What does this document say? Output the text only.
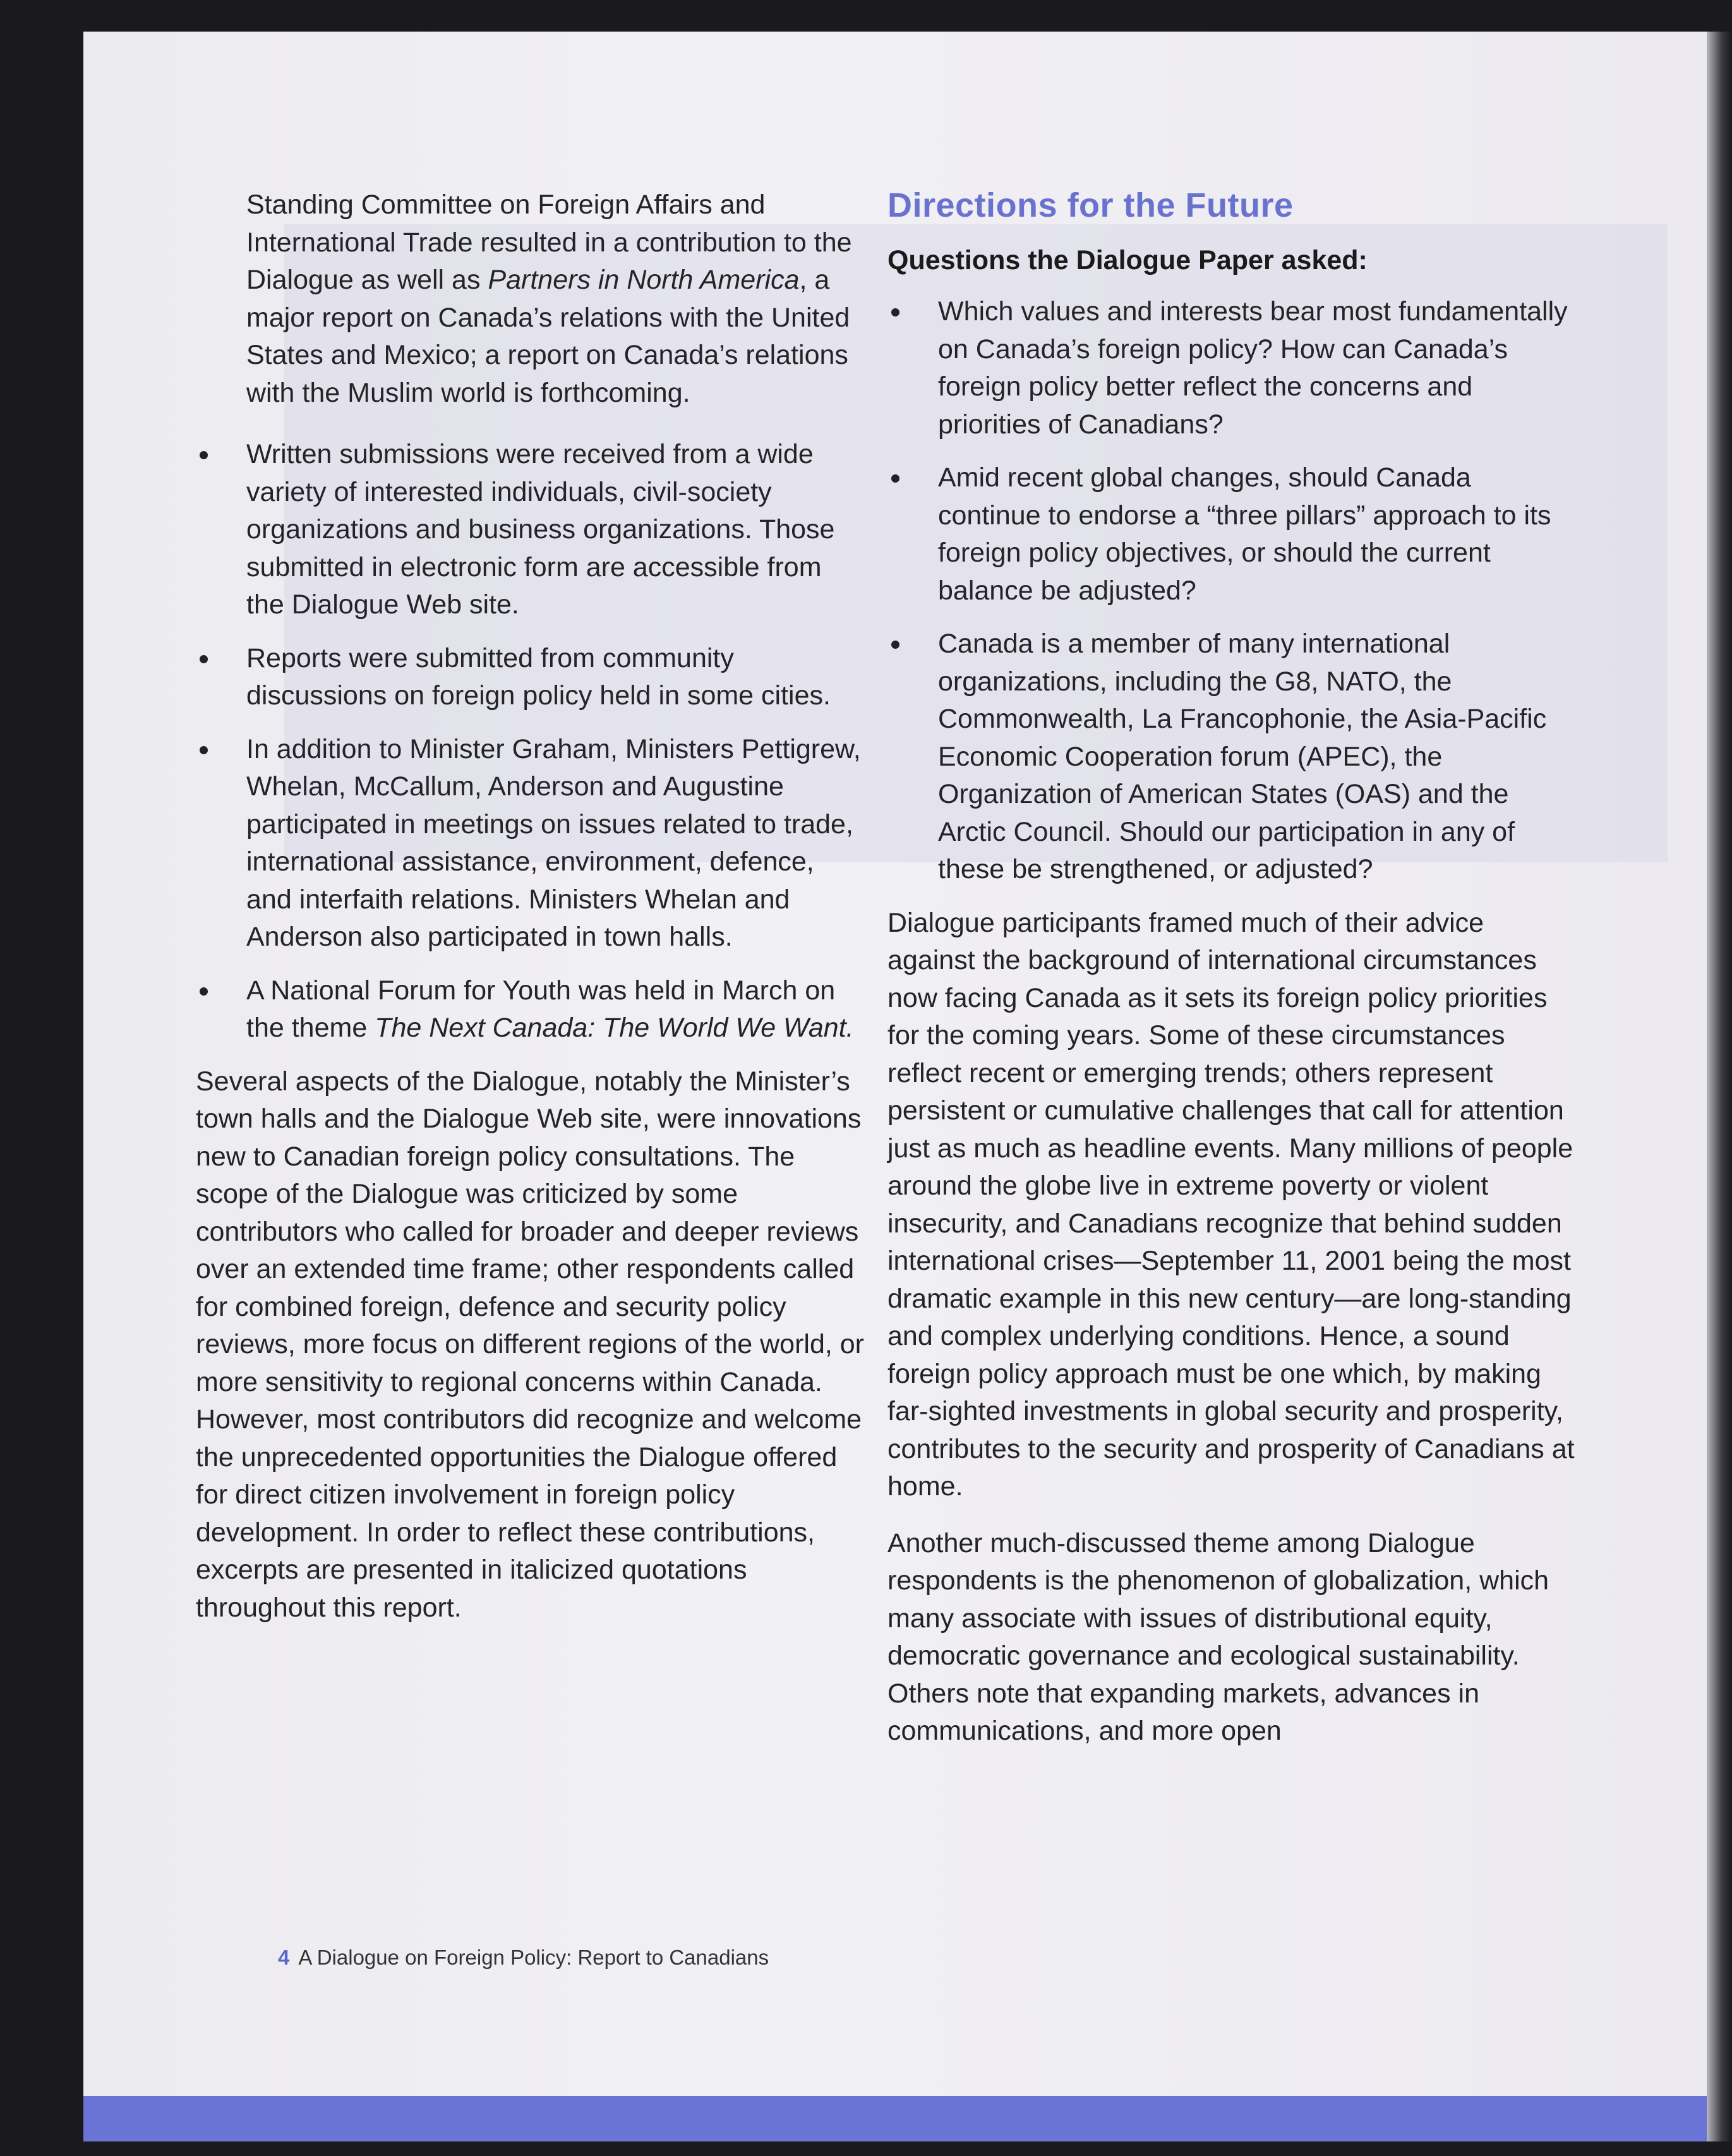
Standing Committee on Foreign Affairs and International Trade resulted in a contribution to the Dialogue as well as Partners in North America, a major report on Canada’s relations with the United States and Mexico; a report on Canada’s relations with the Muslim world is forthcoming.

Written submissions were received from a wide variety of interested individuals, civil-society organizations and business organizations. Those submitted in electronic form are accessible from the Dialogue Web site.
Reports were submitted from community discussions on foreign policy held in some cities.
In addition to Minister Graham, Ministers Pettigrew, Whelan, McCallum, Anderson and Augustine participated in meetings on issues related to trade, international assistance, environment, defence, and interfaith relations. Ministers Whelan and Anderson also participated in town halls.
A National Forum for Youth was held in March on the theme The Next Canada: The World We Want.

Several aspects of the Dialogue, notably the Minister’s town halls and the Dialogue Web site, were innovations new to Canadian foreign policy consultations. The scope of the Dialogue was criticized by some contributors who called for broader and deeper reviews over an extended time frame; other respondents called for combined foreign, defence and security policy reviews, more focus on different regions of the world, or more sensitivity to regional concerns within Canada. However, most contributors did recognize and welcome the unprecedented opportunities the Dialogue offered for direct citizen involvement in foreign policy development. In order to reflect these contributions, excerpts are presented in italicized quotations throughout this report.

Directions for the Future
Questions the Dialogue Paper asked:
Which values and interests bear most fundamentally on Canada’s foreign policy? How can Canada’s foreign policy better reflect the concerns and priorities of Canadians?
Amid recent global changes, should Canada continue to endorse a “three pillars” approach to its foreign policy objectives, or should the current balance be adjusted?
Canada is a member of many international organizations, including the G8, NATO, the Commonwealth, La Francophonie, the Asia-Pacific Economic Cooperation forum (APEC), the Organization of American States (OAS) and the Arctic Council. Should our participation in any of these be strengthened, or adjusted?

Dialogue participants framed much of their advice against the background of international circumstances now facing Canada as it sets its foreign policy priorities for the coming years. Some of these circumstances reflect recent or emerging trends; others represent persistent or cumulative challenges that call for attention just as much as headline events. Many millions of people around the globe live in extreme poverty or violent insecurity, and Canadians recognize that behind sudden international crises—September 11, 2001 being the most dramatic example in this new century—are long-standing and complex underlying conditions. Hence, a sound foreign policy approach must be one which, by making far-sighted investments in global security and prosperity, contributes to the security and prosperity of Canadians at home.

Another much-discussed theme among Dialogue respondents is the phenomenon of globalization, which many associate with issues of distributional equity, democratic governance and ecological sustainability. Others note that expanding markets, advances in communications, and more open

4 A Dialogue on Foreign Policy: Report to Canadians
